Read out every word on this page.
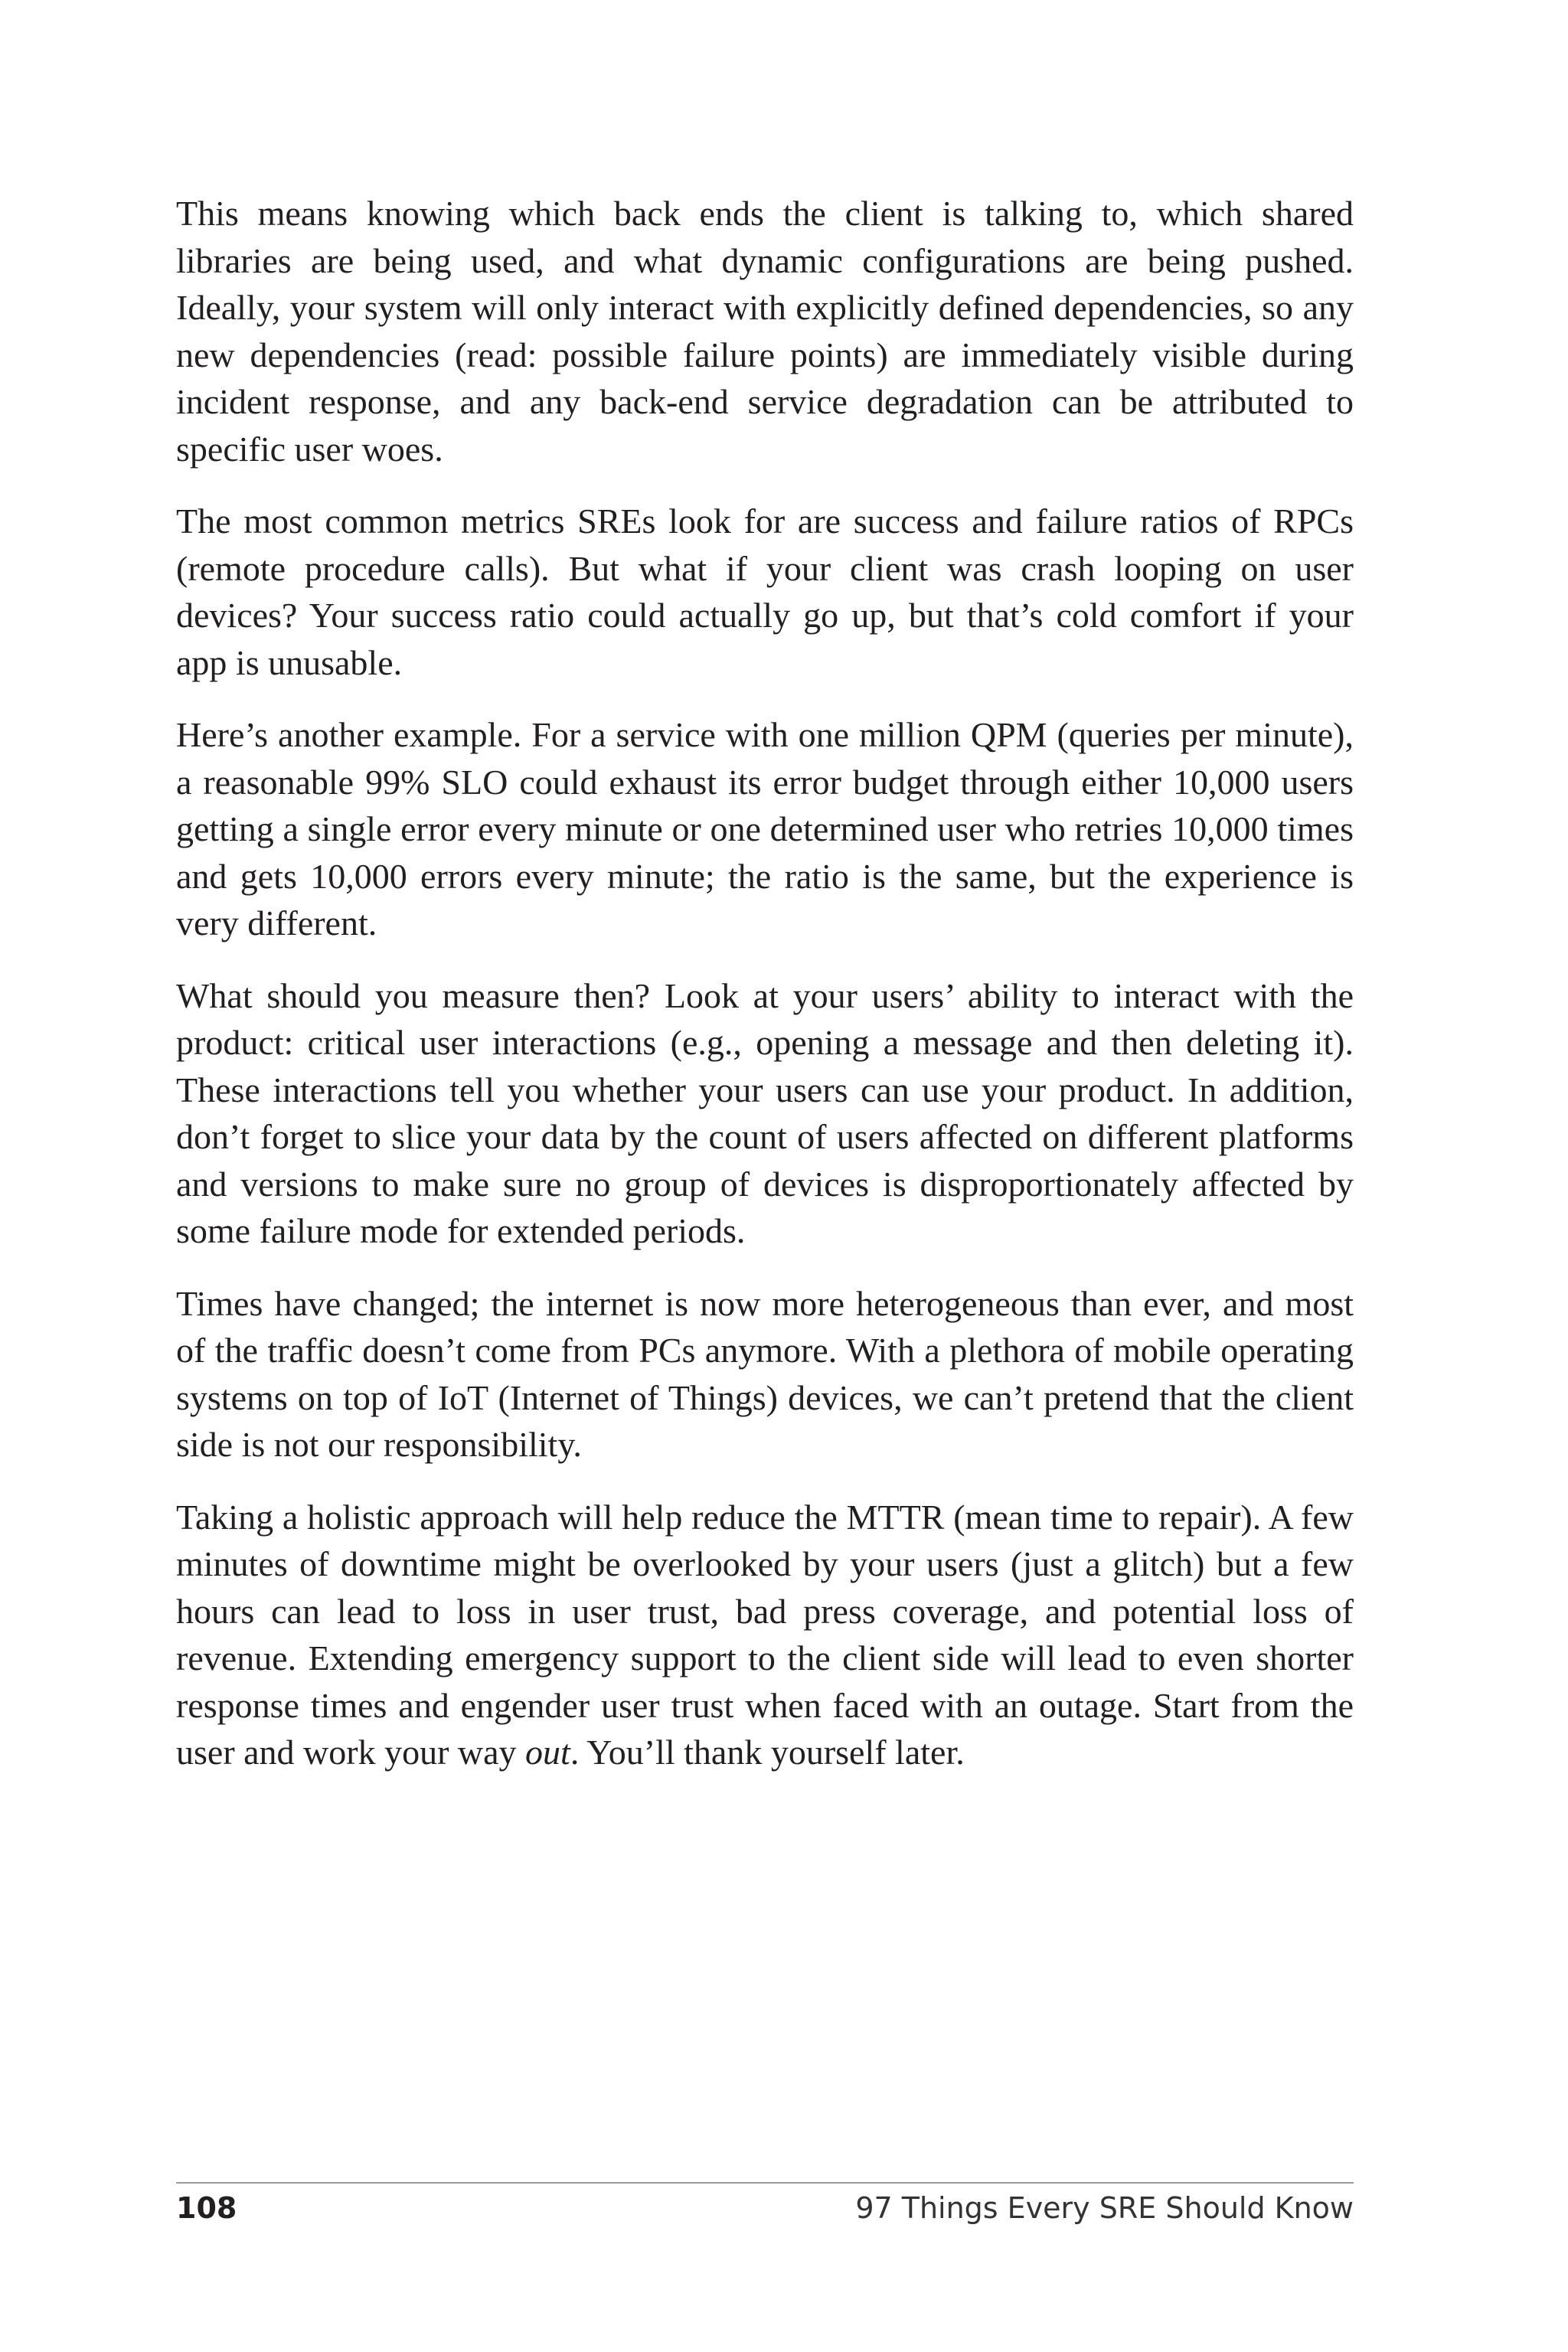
This means knowing which back ends the client is talking to, which shared libraries are being used, and what dynamic configurations are being pushed. Ideally, your system will only interact with explicitly defined dependencies, so any new dependencies (read: possible failure points) are immediately visible during incident response, and any back-end service degradation can be attributed to specific user woes.

The most common metrics SREs look for are success and failure ratios of RPCs (remote procedure calls). But what if your client was crash looping on user devices? Your success ratio could actually go up, but that’s cold comfort if your app is unusable.

Here’s another example. For a service with one million QPM (queries per minute), a reasonable 99% SLO could exhaust its error budget through either 10,000 users getting a single error every minute or one determined user who retries 10,000 times and gets 10,000 errors every minute; the ratio is the same, but the experience is very different.

What should you measure then? Look at your users’ ability to interact with the product: critical user interactions (e.g., opening a message and then deleting it). These interactions tell you whether your users can use your product. In addition, don’t forget to slice your data by the count of users affected on different platforms and versions to make sure no group of devices is disproportionately affected by some failure mode for extended periods.

Times have changed; the internet is now more heterogeneous than ever, and most of the traffic doesn’t come from PCs anymore. With a plethora of mobile operating systems on top of IoT (Internet of Things) devices, we can’t pretend that the client side is not our responsibility.

Taking a holistic approach will help reduce the MTTR (mean time to repair). A few minutes of downtime might be overlooked by your users (just a glitch) but a few hours can lead to loss in user trust, bad press coverage, and potential loss of revenue. Extending emergency support to the client side will lead to even shorter response times and engender user trust when faced with an outage. Start from the user and work your way out. You’ll thank yourself later.

108	97 Things Every SRE Should Know
